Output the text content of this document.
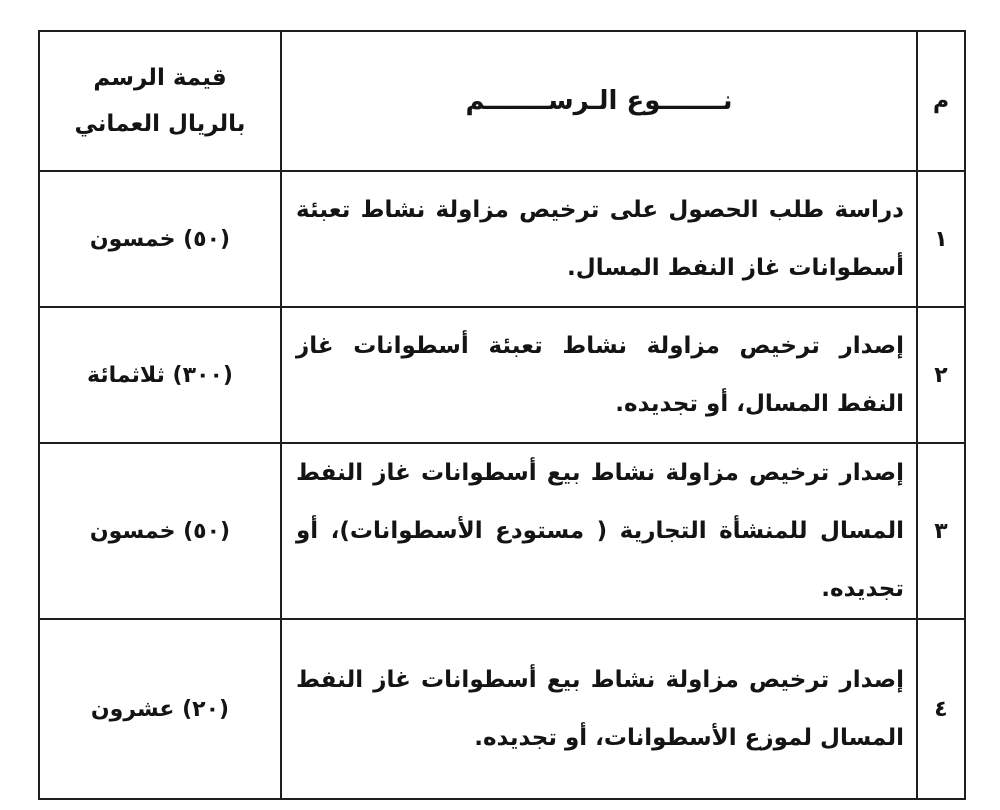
م	نـــــــوع الـرســـــــم	قيمة الرسم
بالريال العماني
١	دراسة طلب الحصول على ترخيص مزاولة نشاط تعبئة أسطوانات غاز النفط المسال.	(٥٠) خمسون
٢	إصدار ترخيص مزاولة نشاط تعبئة أسطوانات غاز النفط المسال، أو تجديده.	(٣٠٠) ثلاثمائة
٣	إصدار ترخيص مزاولة نشاط بيع أسطوانات غاز النفط المسال للمنشأة التجارية ( مستودع الأسطوانات)، أو تجديده.	(٥٠) خمسون
٤	إصدار ترخيص مزاولة نشاط بيع أسطوانات غاز النفط المسال لموزع الأسطوانات، أو تجديده.	(٢٠) عشرون
